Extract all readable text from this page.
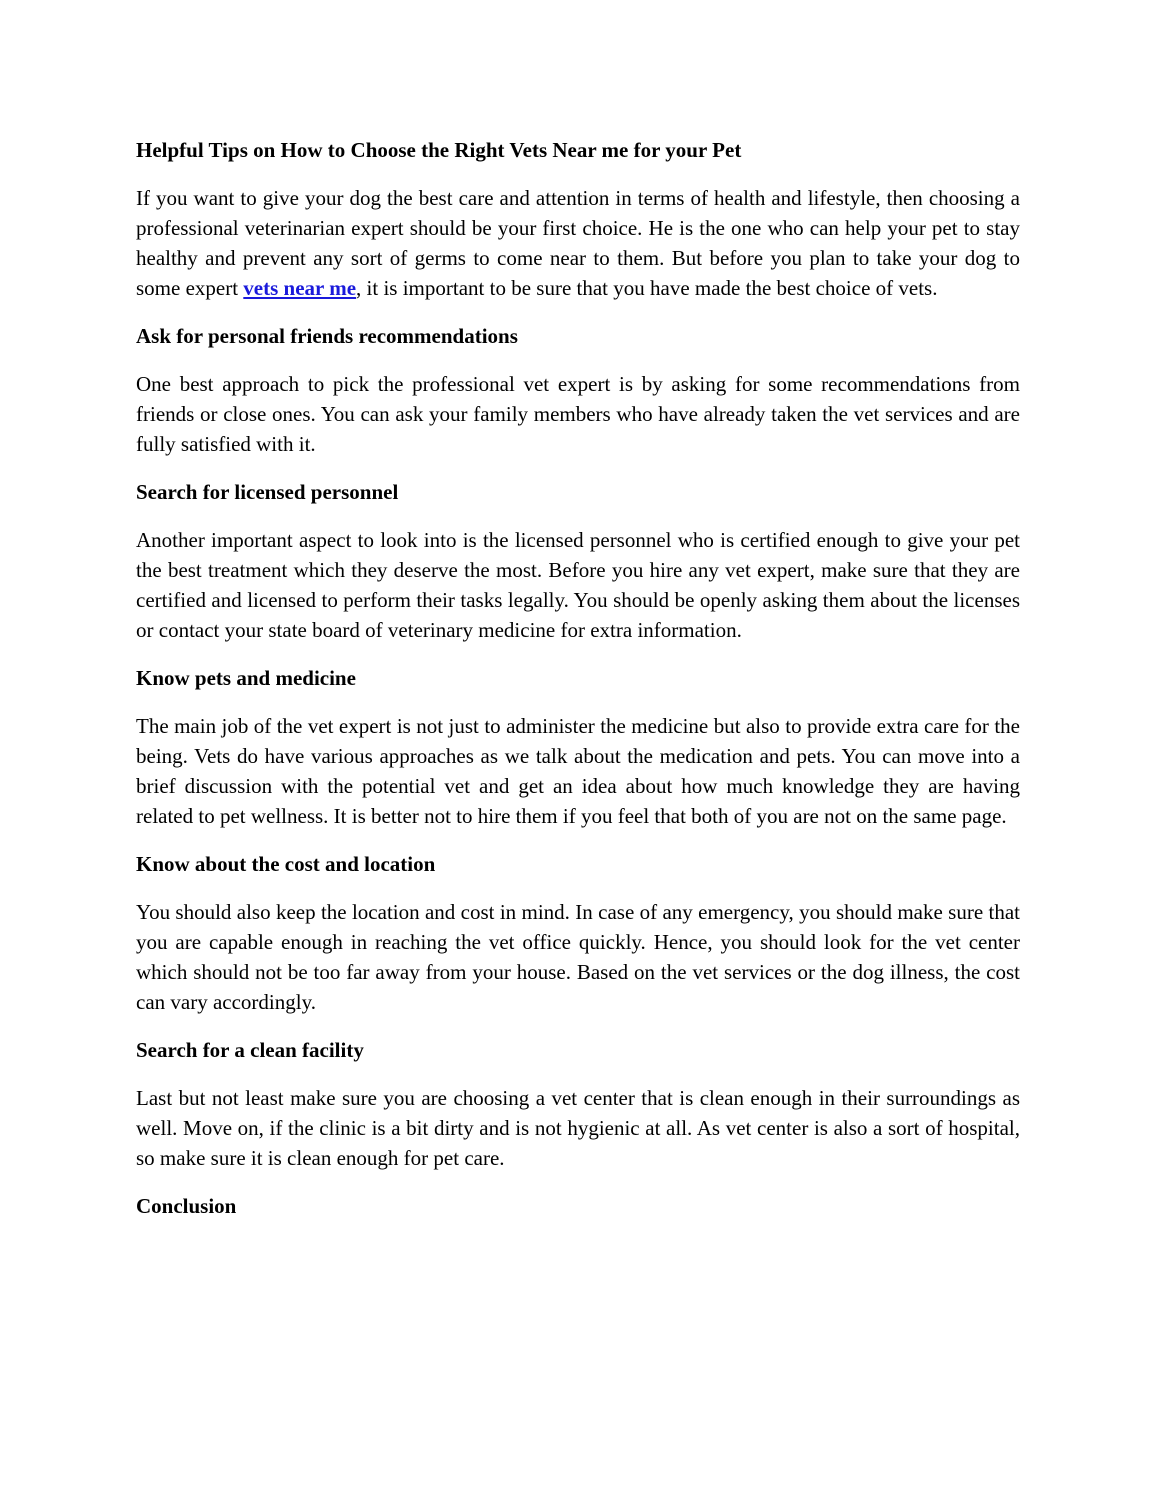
Helpful Tips on How to Choose the Right Vets Near me for your Pet

If you want to give your dog the best care and attention in terms of health and lifestyle, then choosing a professional veterinarian expert should be your first choice. He is the one who can help your pet to stay healthy and prevent any sort of germs to come near to them. But before you plan to take your dog to some expert vets near me, it is important to be sure that you have made the best choice of vets.

Ask for personal friends recommendations

One best approach to pick the professional vet expert is by asking for some recommendations from friends or close ones. You can ask your family members who have already taken the vet services and are fully satisfied with it.

Search for licensed personnel

Another important aspect to look into is the licensed personnel who is certified enough to give your pet the best treatment which they deserve the most. Before you hire any vet expert, make sure that they are certified and licensed to perform their tasks legally. You should be openly asking them about the licenses or contact your state board of veterinary medicine for extra information.

Know pets and medicine

The main job of the vet expert is not just to administer the medicine but also to provide extra care for the being. Vets do have various approaches as we talk about the medication and pets. You can move into a brief discussion with the potential vet and get an idea about how much knowledge they are having related to pet wellness. It is better not to hire them if you feel that both of you are not on the same page.

Know about the cost and location

You should also keep the location and cost in mind. In case of any emergency, you should make sure that you are capable enough in reaching the vet office quickly. Hence, you should look for the vet center which should not be too far away from your house. Based on the vet services or the dog illness, the cost can vary accordingly.

Search for a clean facility

Last but not least make sure you are choosing a vet center that is clean enough in their surroundings as well. Move on, if the clinic is a bit dirty and is not hygienic at all. As vet center is also a sort of hospital, so make sure it is clean enough for pet care.

Conclusion
